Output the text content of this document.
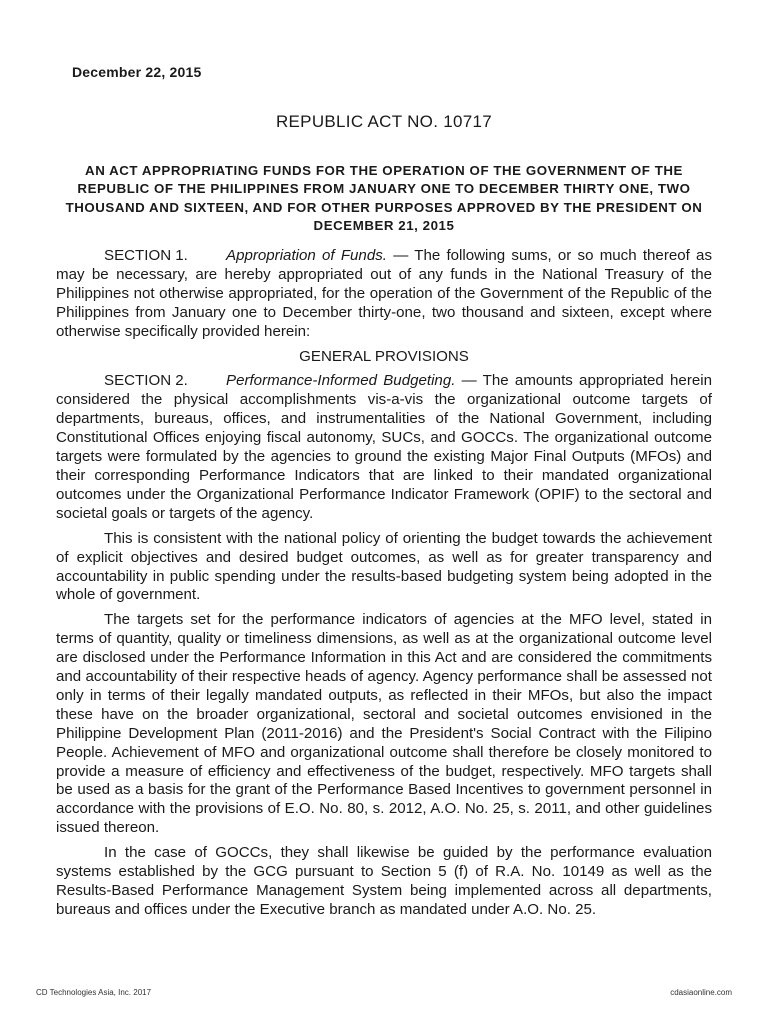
December 22, 2015
REPUBLIC ACT NO. 10717
AN ACT APPROPRIATING FUNDS FOR THE OPERATION OF THE GOVERNMENT OF THE REPUBLIC OF THE PHILIPPINES FROM JANUARY ONE TO DECEMBER THIRTY ONE, TWO THOUSAND AND SIXTEEN, AND FOR OTHER PURPOSES APPROVED BY THE PRESIDENT ON DECEMBER 21, 2015

SECTION 1.	Appropriation of Funds. — The following sums, or so much thereof as may be necessary, are hereby appropriated out of any funds in the National Treasury of the Philippines not otherwise appropriated, for the operation of the Government of the Republic of the Philippines from January one to December thirty-one, two thousand and sixteen, except where otherwise specifically provided herein:

GENERAL PROVISIONS

SECTION 2.	Performance-Informed Budgeting. — The amounts appropriated herein considered the physical accomplishments vis-a-vis the organizational outcome targets of departments, bureaus, offices, and instrumentalities of the National Government, including Constitutional Offices enjoying fiscal autonomy, SUCs, and GOCCs. The organizational outcome targets were formulated by the agencies to ground the existing Major Final Outputs (MFOs) and their corresponding Performance Indicators that are linked to their mandated organizational outcomes under the Organizational Performance Indicator Framework (OPIF) to the sectoral and societal goals or targets of the agency.

This is consistent with the national policy of orienting the budget towards the achievement of explicit objectives and desired budget outcomes, as well as for greater transparency and accountability in public spending under the results-based budgeting system being adopted in the whole of government.

The targets set for the performance indicators of agencies at the MFO level, stated in terms of quantity, quality or timeliness dimensions, as well as at the organizational outcome level are disclosed under the Performance Information in this Act and are considered the commitments and accountability of their respective heads of agency. Agency performance shall be assessed not only in terms of their legally mandated outputs, as reflected in their MFOs, but also the impact these have on the broader organizational, sectoral and societal outcomes envisioned in the Philippine Development Plan (2011-2016) and the President's Social Contract with the Filipino People. Achievement of MFO and organizational outcome shall therefore be closely monitored to provide a measure of efficiency and effectiveness of the budget, respectively. MFO targets shall be used as a basis for the grant of the Performance Based Incentives to government personnel in accordance with the provisions of E.O. No. 80, s. 2012, A.O. No. 25, s. 2011, and other guidelines issued thereon.

In the case of GOCCs, they shall likewise be guided by the performance evaluation systems established by the GCG pursuant to Section 5 (f) of R.A. No. 10149 as well as the Results-Based Performance Management System being implemented across all departments, bureaus and offices under the Executive branch as mandated under A.O. No. 25.

CD Technologies Asia, Inc. 2017	cdasiaonline.com
